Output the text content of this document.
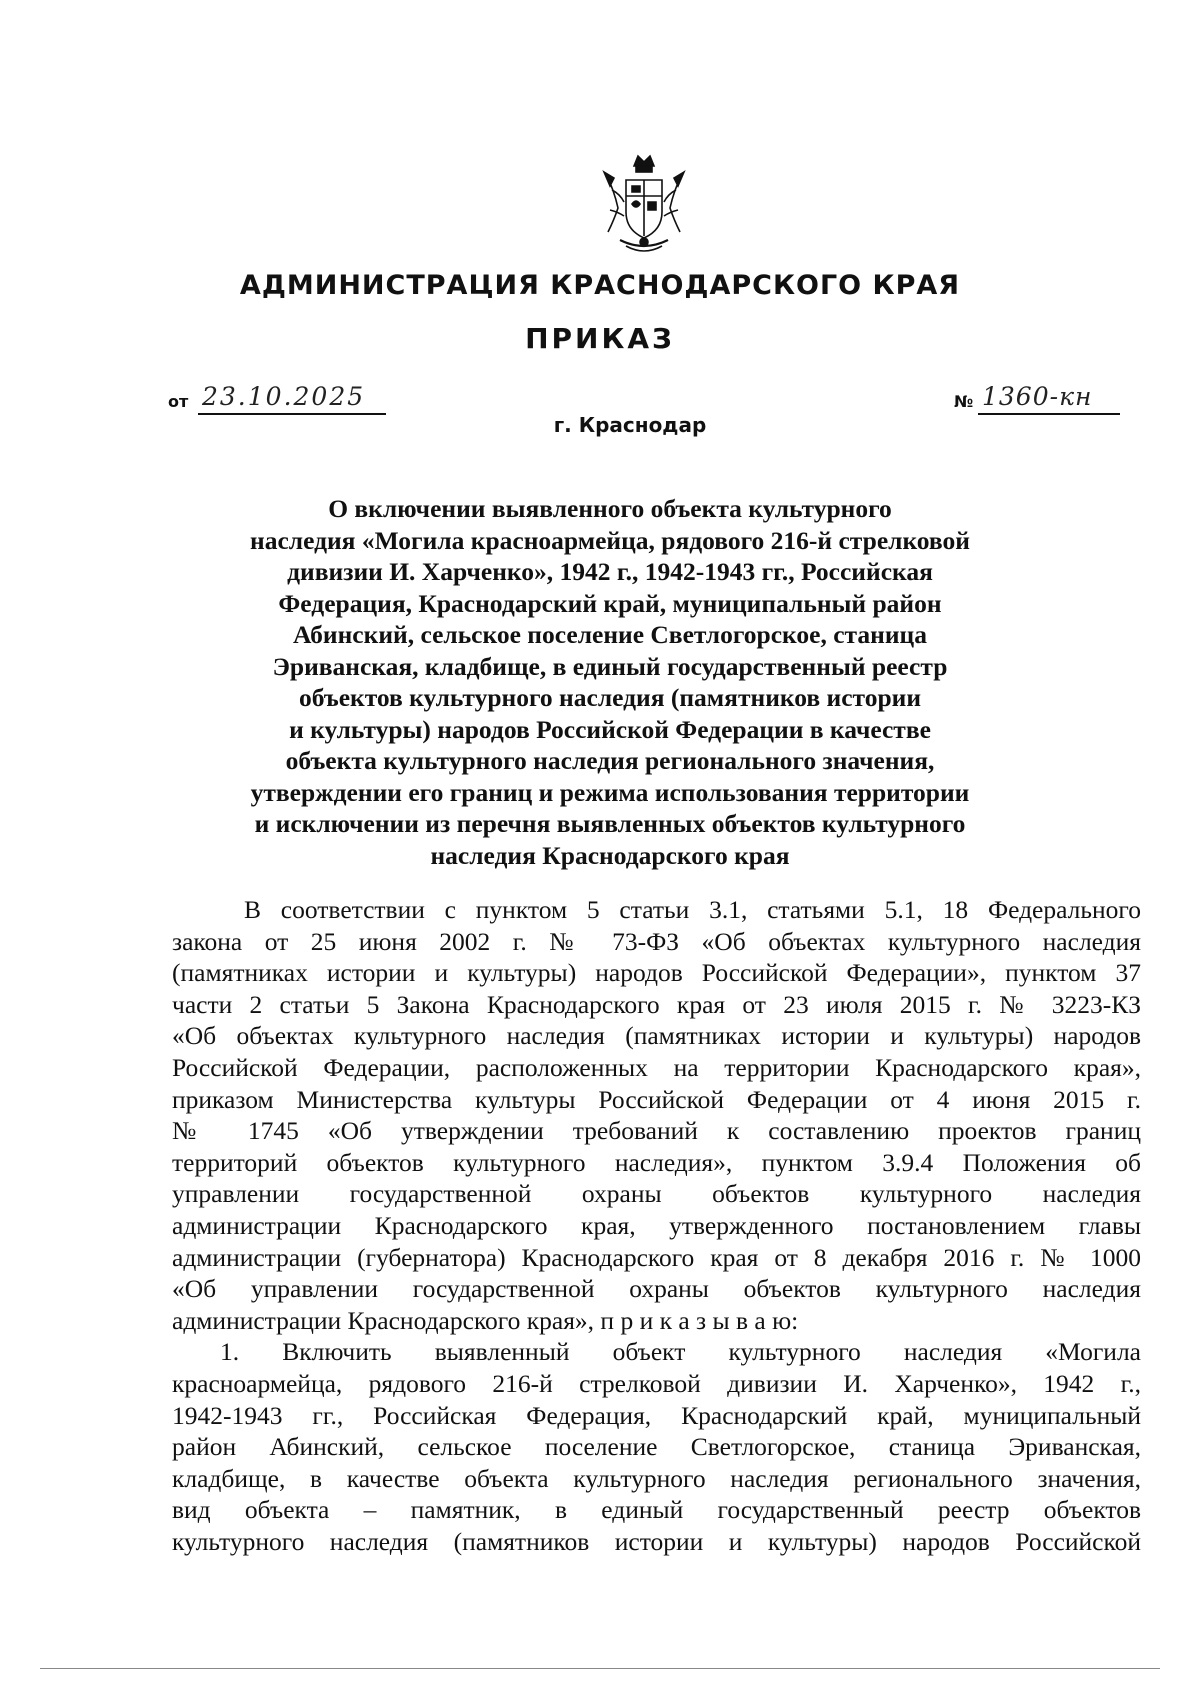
АДМИНИСТРАЦИЯ КРАСНОДАРСКОГО КРАЯ
ПРИКАЗ
от 23.10.2025	№ 1360-кн
г. Краснодар
О включении выявленного объекта культурного
наследия «Могила красноармейца, рядового 216-й стрелковой
дивизии И. Харченко», 1942 г., 1942-1943 гг., Российская
Федерация, Краснодарский край, муниципальный район
Абинский, сельское поселение Светлогорское, станица
Эриванская, кладбище, в единый государственный реестр
объектов культурного наследия (памятников истории
и культуры) народов Российской Федерации в качестве
объекта культурного наследия регионального значения,
утверждении его границ и режима использования территории
и исключении из перечня выявленных объектов культурного
наследия Краснодарского края
В соответствии с пунктом 5 статьи 3.1, статьями 5.1, 18 Федерального
закона от 25 июня 2002 г. № 73-ФЗ «Об объектах культурного наследия
(памятниках истории и культуры) народов Российской Федерации», пунктом 37
части 2 статьи 5 Закона Краснодарского края от 23 июля 2015 г. № 3223-КЗ
«Об объектах культурного наследия (памятниках истории и культуры) народов
Российской Федерации, расположенных на территории Краснодарского края»,
приказом Министерства культуры Российской Федерации от 4 июня 2015 г.
№ 1745 «Об утверждении требований к составлению проектов границ
территорий объектов культурного наследия», пунктом 3.9.4 Положения об
управлении государственной охраны объектов культурного наследия
администрации Краснодарского края, утвержденного постановлением главы
администрации (губернатора) Краснодарского края от 8 декабря 2016 г. № 1000
«Об управлении государственной охраны объектов культурного наследия
администрации Краснодарского края», п р и к а з ы в а ю:
1. Включить выявленный объект культурного наследия «Могила
красноармейца, рядового 216-й стрелковой дивизии И. Харченко», 1942 г.,
1942-1943 гг., Российская Федерация, Краснодарский край, муниципальный
район Абинский, сельское поселение Светлогорское, станица Эриванская,
кладбище, в качестве объекта культурного наследия регионального значения,
вид объекта – памятник, в единый государственный реестр объектов
культурного наследия (памятников истории и культуры) народов Российской
